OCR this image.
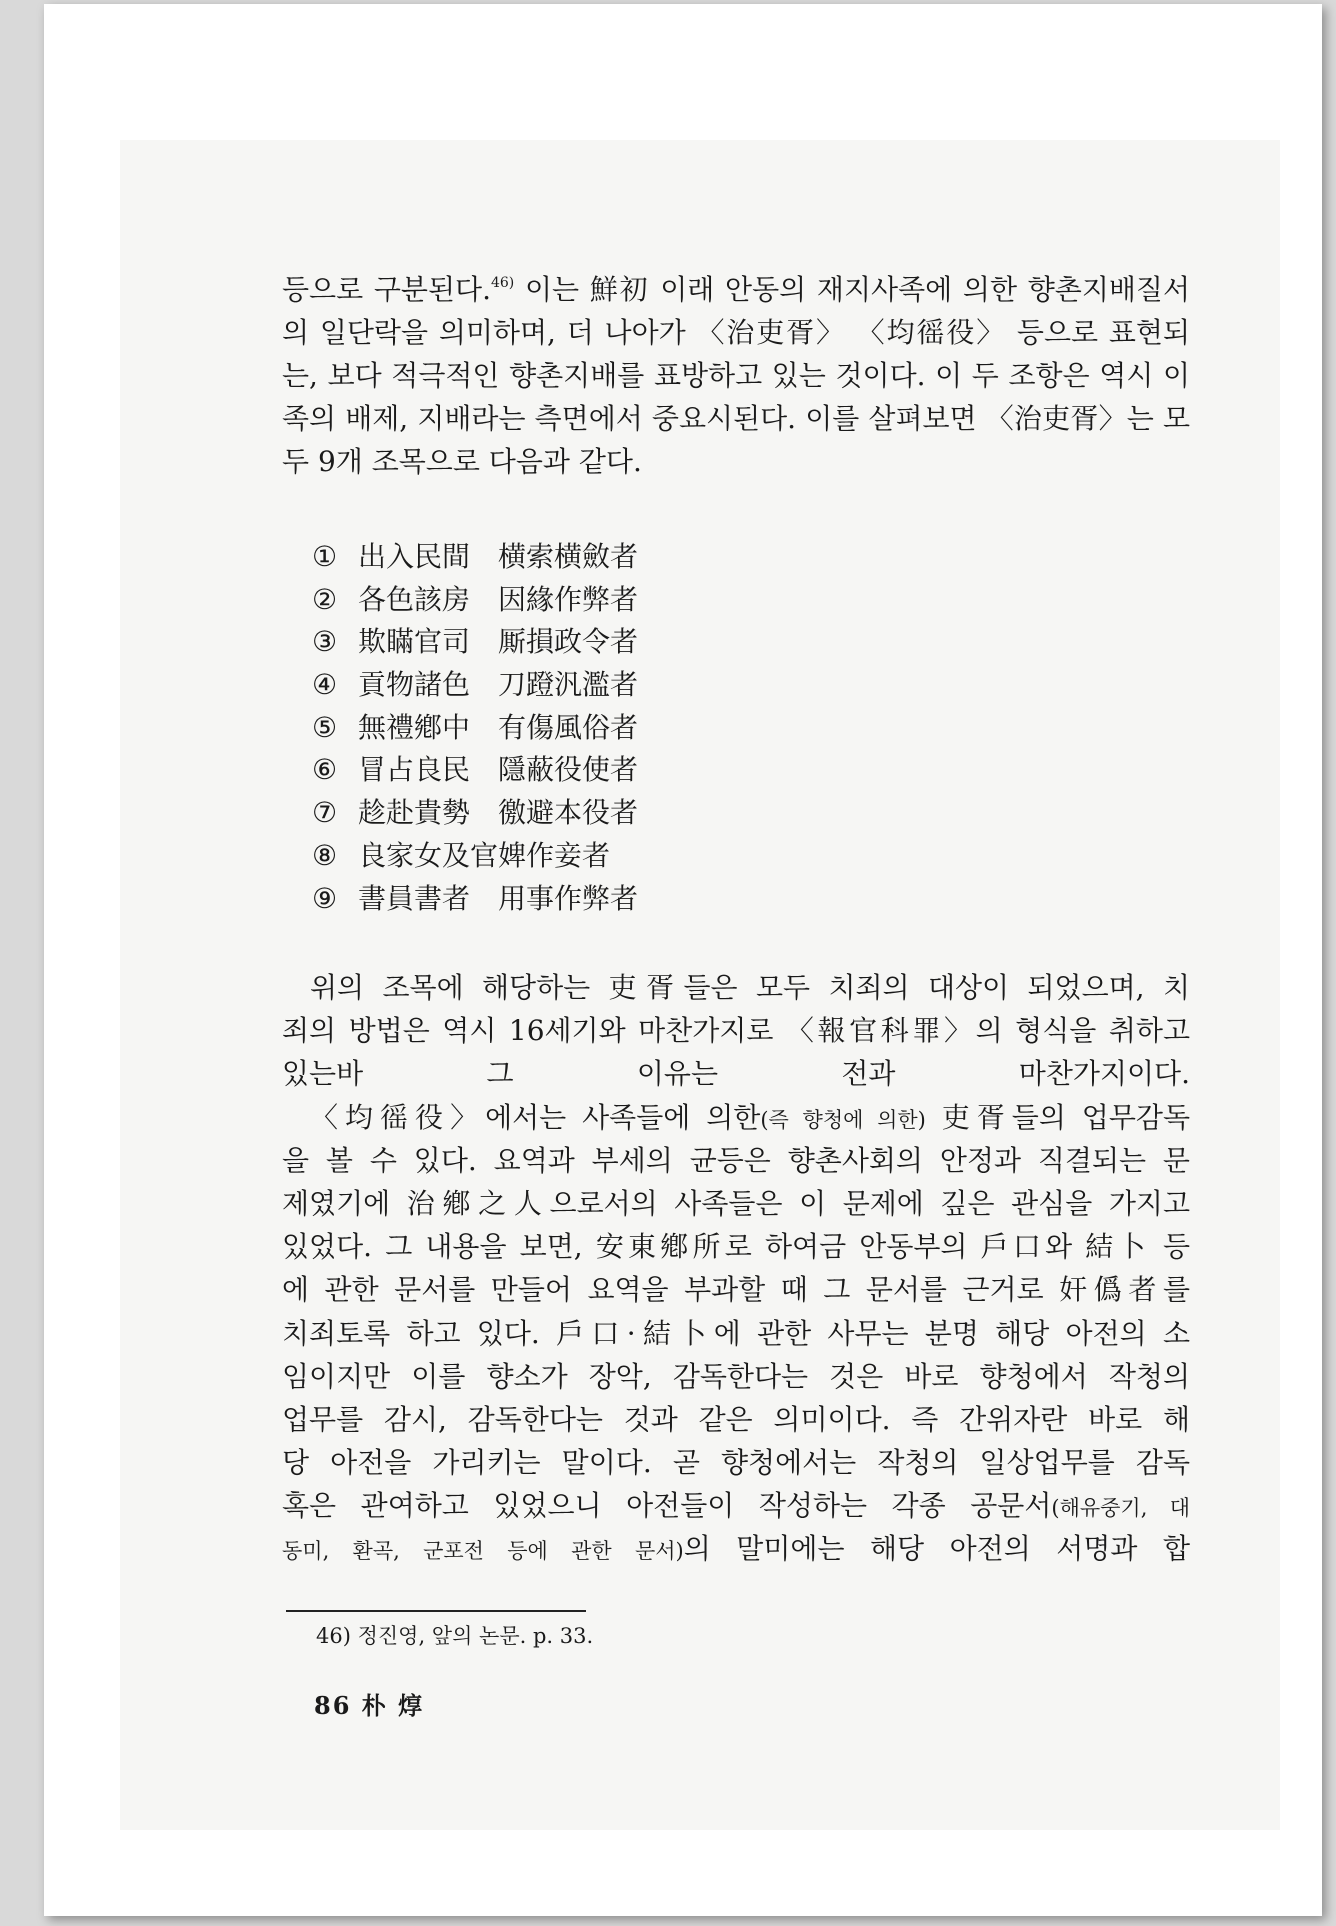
등으로 구분된다.$^{46)}$ 이는 鮮初 이래 안동의 재지사족에 의한 향촌지배질서의 일단락을 의미하며, 더 나아가 〈治吏胥〉 〈均徭役〉 등으로 표현되는, 보다 적극적인 향촌지배를 표방하고 있는 것이다. 이 두 조항은 역시 이족의 배제, 지배라는 측면에서 중요시된다. 이를 살펴보면 〈治吏胥〉는 모두 9개 조목으로 다음과 같다.

① 出入民間 横索横斂者
② 各色該房 因緣作弊者
③ 欺瞞官司 厮損政令者
④ 貢物諸色 刀蹬汎濫者
⑤ 無禮鄕中 有傷風俗者
⑥ 冒占良民 隱蔽役使者
⑦ 趁赴貴勢 徼避本役者
⑧ 良家女及官婢作妾者
⑨ 書員書者 用事作弊者
위의 조목에 해당하는 吏胥들은 모두 치죄의 대상이 되었으며, 치
죄의 방법은 역시 16세기와 마찬가지로 〈報官科罪〉의 형식을 취하고
있는바 그 이유는 전과 마찬가지이다.
〈均徭役〉에서는 사족들에 의한(즉 향청에 의한) 吏胥들의 업무감독
을 볼 수 있다. 요역과 부세의 균등은 향촌사회의 안정과 직결되는 문
제였기에 治鄕之人으로서의 사족들은 이 문제에 깊은 관심을 가지고
있었다. 그 내용을 보면, 安東鄕所로 하여금 안동부의 戶口와 結卜 등
에 관한 문서를 만들어 요역을 부과할 때 그 문서를 근거로 奸僞者를
치죄토록 하고 있다. 戶口·結卜에 관한 사무는 분명 해당 아전의 소
임이지만 이를 향소가 장악, 감독한다는 것은 바로 향청에서 작청의
업무를 감시, 감독한다는 것과 같은 의미이다. 즉 간위자란 바로 해
당 아전을 가리키는 말이다. 곧 향청에서는 작청의 일상업무를 감독
혹은 관여하고 있었으니 아전들이 작성하는 각종 공문서(해유중기, 대
동미, 환곡, 군포전 등에 관한 문서)의 말미에는 해당 아전의 서명과 합
46) 정진영, 앞의 논문. p. 33.
86 朴 焞
